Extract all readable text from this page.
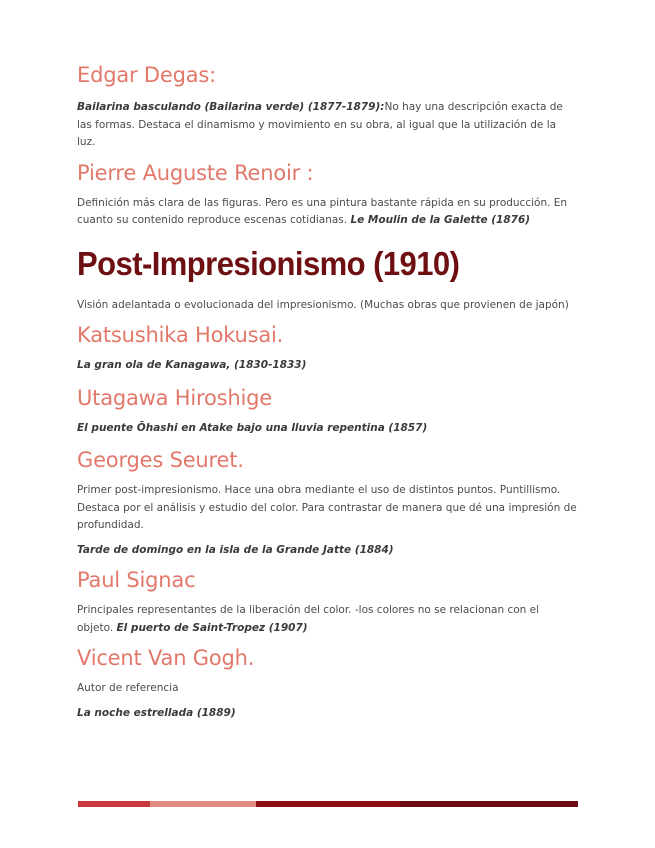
Edgar Degas:

Bailarina basculando (Bailarina verde) (1877-1879):No hay una descripción exacta de las formas. Destaca el dinamismo y movimiento en su obra, al igual que la utilización de la luz.

Pierre Auguste Renoir :

Definición más clara de las figuras. Pero es una pintura bastante rápida en su producción. En cuanto su contenido reproduce escenas cotidianas. Le Moulin de la Galette (1876)

Post-Impresionismo (1910)

Visión adelantada o evolucionada del impresionismo. (Muchas obras que provienen de japón)

Katsushika Hokusai.

La gran ola de Kanagawa, (1830-1833)

Utagawa Hiroshige

El puente Ōhashi en Atake bajo una lluvia repentina (1857)

Georges Seuret.

Primer post-impresionismo. Hace una obra mediante el uso de distintos puntos. Puntillismo. Destaca por el análisis y estudio del color. Para contrastar de manera que dé una impresión de profundidad.

Tarde de domingo en la isla de la Grande Jatte (1884)

Paul Signac

Principales representantes de la liberación del color. -los colores no se relacionan con el objeto. El puerto de Saint-Tropez (1907)

Vicent Van Gogh.

Autor de referencia

La noche estrellada (1889)
